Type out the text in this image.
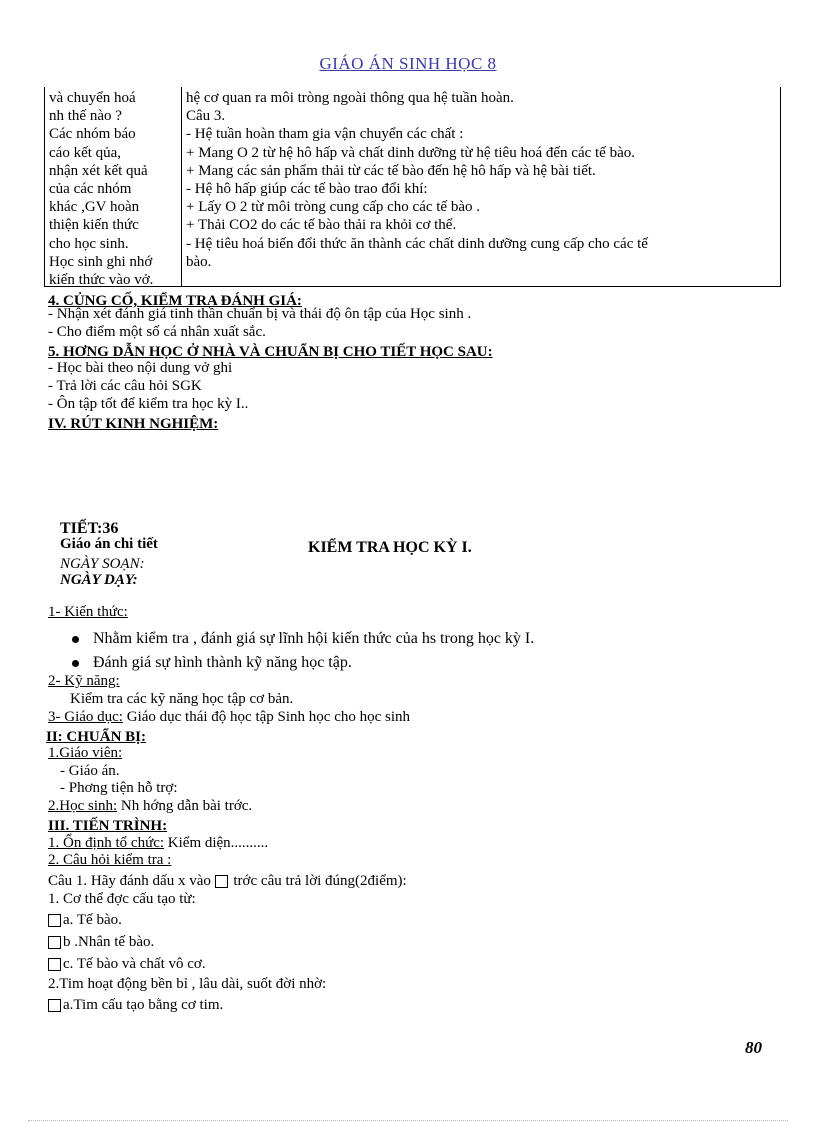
GIÁO ÁN SINH HỌC 8
và chuyển hoá
nh thế nào ?
Các nhóm báo
cáo kết qủa,
nhận xét kết quả
của các nhóm
khác ,GV hoàn
thiện kiến thức
cho học sinh.
Học sinh ghi nhớ
kiến thức vào vở.
hệ cơ quan ra môi tròng ngoài thông qua hệ tuần hoàn.
Câu 3.
- Hệ tuần hoàn tham gia vận chuyển các chất :
+ Mang O 2 từ hệ hô hấp và chất dinh dưỡng từ hệ tiêu hoá đến các tế bào.
+ Mang các sản phẩm thải từ các tế bào đến hệ hô hấp và hệ bài tiết.
- Hệ hô hấp giúp các tế bào trao đổi khí:
+ Lấy O 2 từ môi tròng cung cấp cho các tế bào .
+ Thải CO2 do các tế bào thải ra khỏi cơ thể.
- Hệ tiêu hoá biến đổi thức ăn thành các chất dinh dưỡng cung cấp cho các tế
bào.
4. CỦNG CỐ, KIỂM TRA ĐÁNH GIÁ:
- Nhận xét đánh giá tinh thần chuẩn bị và thái độ ôn tập của Học sinh .
- Cho điểm một số cá nhân xuất sắc.
5. HƠNG DẪN HỌC Ở NHÀ VÀ CHUẨN BỊ CHO TIẾT HỌC SAU:
- Học bài theo nội dung vở ghi
- Trả lời các câu hỏi SGK
- Ôn tập tốt để kiểm tra học kỳ I..
IV. RÚT KINH NGHIỆM:
TIẾT:36
Giáo án chi tiết	KIỂM TRA HỌC KỲ I.
NGÀY SOẠN:
NGÀY DẠY:
1- Kiến thức:
Nhằm kiểm tra , đánh giá sự lĩnh hội kiến thức của hs trong học kỳ I.
Đánh giá sự hình thành kỹ năng học tập.
2- Kỹ năng:
Kiểm tra các kỹ năng học tập cơ bản.
3- Giáo dục: Giáo dục thái độ học tập Sinh học cho học sinh
II: CHUẨN BỊ:
1.Giáo viên:
- Giáo án.
- Phơng tiện hỗ trợ:
2.Học sinh: Nh hớng dẫn bài trớc.
III. TIẾN TRÌNH:
1. Ổn định tổ chức: Kiểm diện..........
2. Câu hỏi kiểm tra :
Câu 1. Hãy đánh dấu x vào  trớc câu trả lời đúng(2điểm):
1. Cơ thể đợc cấu tạo từ:
a. Tế bào.
b .Nhân tế bào.
c. Tế bào và chất vô cơ.
2.Tim hoạt động bền bỉ , lâu dài, suốt đời nhờ:
a.Tim cấu tạo bằng cơ tim.
80
